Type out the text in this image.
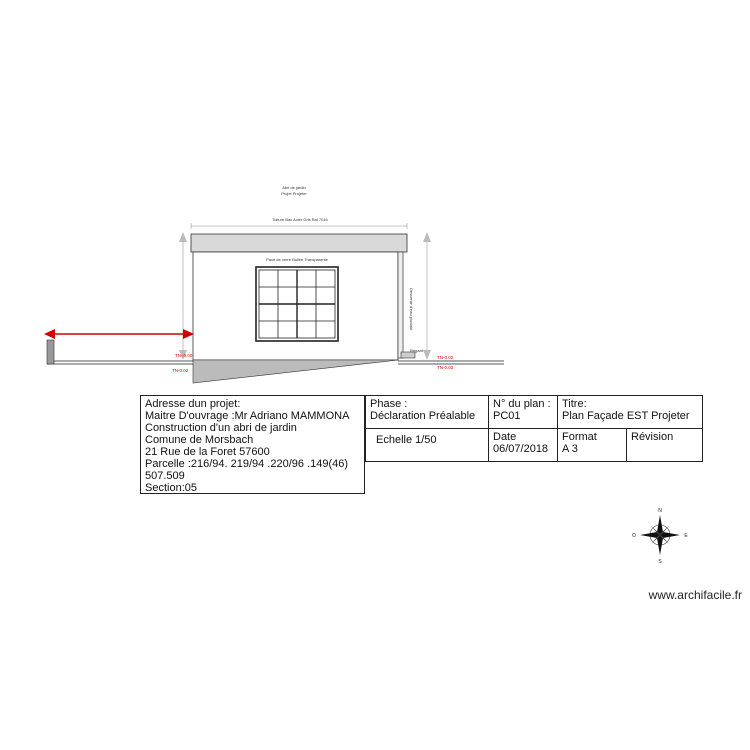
Abri de jardin
Projet Projeter
Toiture Bac Acier Gris Ral 7016
Pavé de verre Bullée Transparente
Descente d'eau pluviale
Regard
TN=0.00
TN-0.02
TN-0.02
TN-0.02
N
S
E
O
Adresse dun projet:
Maitre D'ouvrage :Mr Adriano MAMMONA
Construction d'un abri de jardin
Comune de Morsbach
21 Rue de la Foret 57600
Parcelle :216/94. 219/94 .220/96 .149(46)
507.509
Section:05
Phase :
Déclaration Préalable
N° du plan :
PC01
Titre:
Plan Façade EST Projeter
Echelle 1/50	Date
06/07/2018
Format
A 3
Révision
www.archifacile.fr
